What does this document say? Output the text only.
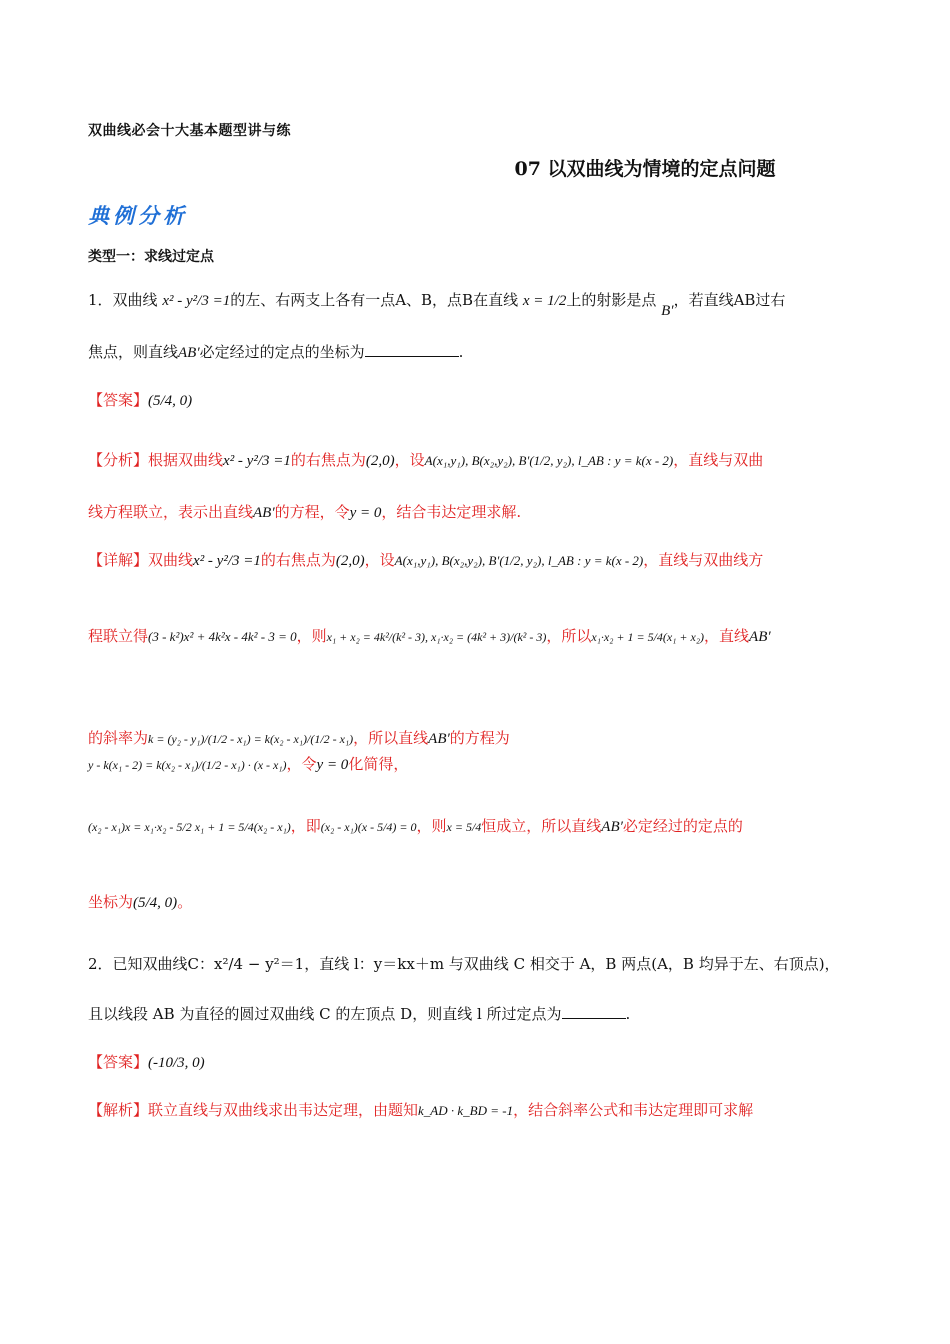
双曲线必会十大基本题型讲与练
07 以双曲线为情境的定点问题
典例分析
类型一：求线过定点
1．双曲线 x² - y²/3 =1的左、右两支上各有一点A、B，点B在直线 x = 1/2上的射影是点 B′，若直线AB过右
焦点，则直线AB′必定经过的定点的坐标为	.
【答案】(5/4, 0)
【分析】根据双曲线x² - y²/3 =1的右焦点为(2,0)，设A(x₁,y₁), B(x₂,y₂), B′(1/2, y₂), l_AB : y = k(x - 2)，直线与双曲
线方程联立，表示出直线AB′的方程，令y = 0，结合韦达定理求解.
【详解】双曲线x² - y²/3 =1的右焦点为(2,0)，设A(x₁,y₁), B(x₂,y₂), B′(1/2, y₂), l_AB : y = k(x - 2)，直线与双曲线方
程联立得(3 - k²)x² + 4k²x - 4k² - 3 = 0，则x₁ + x₂ = 4k²/(k² - 3), x₁·x₂ = (4k² + 3)/(k² - 3)，所以x₁·x₂ + 1 = 5/4(x₁ + x₂)，直线AB′
的斜率为k = (y₂ - y₁)/(1/2 - x₁) = k(x₂ - x₁)/(1/2 - x₁)，所以直线AB′的方程为
y - k(x₁ - 2) = k(x₂ - x₁)/(1/2 - x₁) · (x - x₁)，令y = 0化简得，
(x₂ - x₁)x = x₁·x₂ - 5/2 x₁ + 1 = 5/4(x₂ - x₁)，即(x₂ - x₁)(x - 5/4) = 0，则x = 5/4恒成立，所以直线AB′必定经过的定点的
坐标为(5/4, 0)。
2．已知双曲线C：x²/4 − y²＝1，直线 l：y＝kx＋m 与双曲线 C 相交于 A，B 两点(A，B 均异于左、右顶点)，
且以线段 AB 为直径的圆过双曲线 C 的左顶点 D，则直线 l 所过定点为	.
【答案】(-10/3, 0)
【解析】联立直线与双曲线求出韦达定理，由题知k_AD · k_BD = -1，结合斜率公式和韦达定理即可求解
